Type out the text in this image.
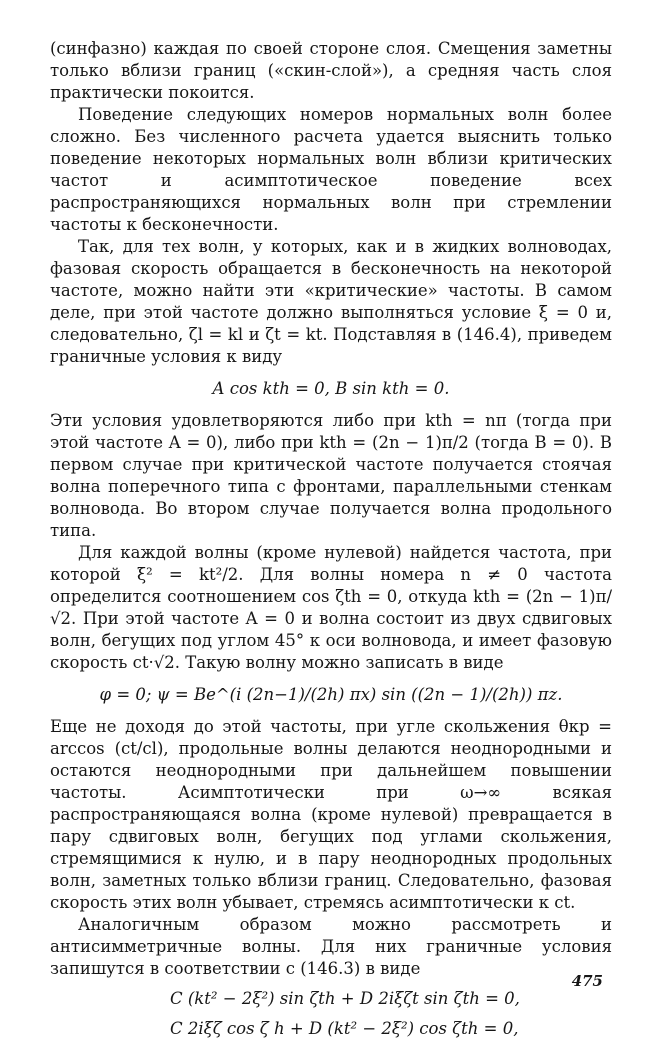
(синфазно) каждая по своей стороне слоя. Смещения заметны только вблизи границ («скин-слой»), а средняя часть слоя практически покоится.

Поведение следующих номеров нормальных волн более сложно. Без численного расчета удается выяснить только поведение некоторых нормальных волн вблизи критических частот и асимптотическое поведение всех распространяющихся нормальных волн при стремлении частоты к бесконечности.

Так, для тех волн, у которых, как и в жидких волноводах, фазовая скорость обращается в бесконечность на некоторой частоте, можно найти эти «критические» частоты. В самом деле, при этой частоте должно выполняться условие ξ = 0 и, следовательно, ζl = kl и ζt = kt. Подставляя в (146.4), приведем граничные условия к виду

A cos kth = 0, B sin kth = 0.

Эти условия удовлетворяются либо при kth = nπ (тогда при этой частоте A = 0), либо при kth = (2n − 1)π/2 (тогда B = 0). В первом случае при критической частоте получается стоячая волна поперечного типа с фронтами, параллельными стенкам волновода. Во втором случае получается волна продольного типа.

Для каждой волны (кроме нулевой) найдется частота, при которой ξ² = kt²/2. Для волны номера n ≠ 0 частота определится соотношением cos ζth = 0, откуда kth = (2n − 1)π/√2. При этой частоте A = 0 и волна состоит из двух сдвиговых волн, бегущих под углом 45° к оси волновода, и имеет фазовую скорость ct·√2. Такую волну можно записать в виде

φ = 0; ψ = Be^(i (2n−1)/(2h) πx) sin ((2n − 1)/(2h)) πz.

Еще не доходя до этой частоты, при угле скольжения θкр = arccos (ct/cl), продольные волны делаются неоднородными и остаются неоднородными при дальнейшем повышении частоты. Асимптотически при ω→∞ всякая распространяющаяся волна (кроме нулевой) превращается в пару сдвиговых волн, бегущих под углами скольжения, стремящимися к нулю, и в пару неоднородных продольных волн, заметных только вблизи границ. Следовательно, фазовая скорость этих волн убывает, стремясь асимптотически к ct.

Аналогичным образом можно рассмотреть и антисимметричные волны. Для них граничные условия запишутся в соответствии с (146.3) в виде

C (kt² − 2ξ²) sin ζth + D 2iξζt sin ζth = 0,
C 2iξζ cos ζ h + D (kt² − 2ξ²) cos ζth = 0,
475
